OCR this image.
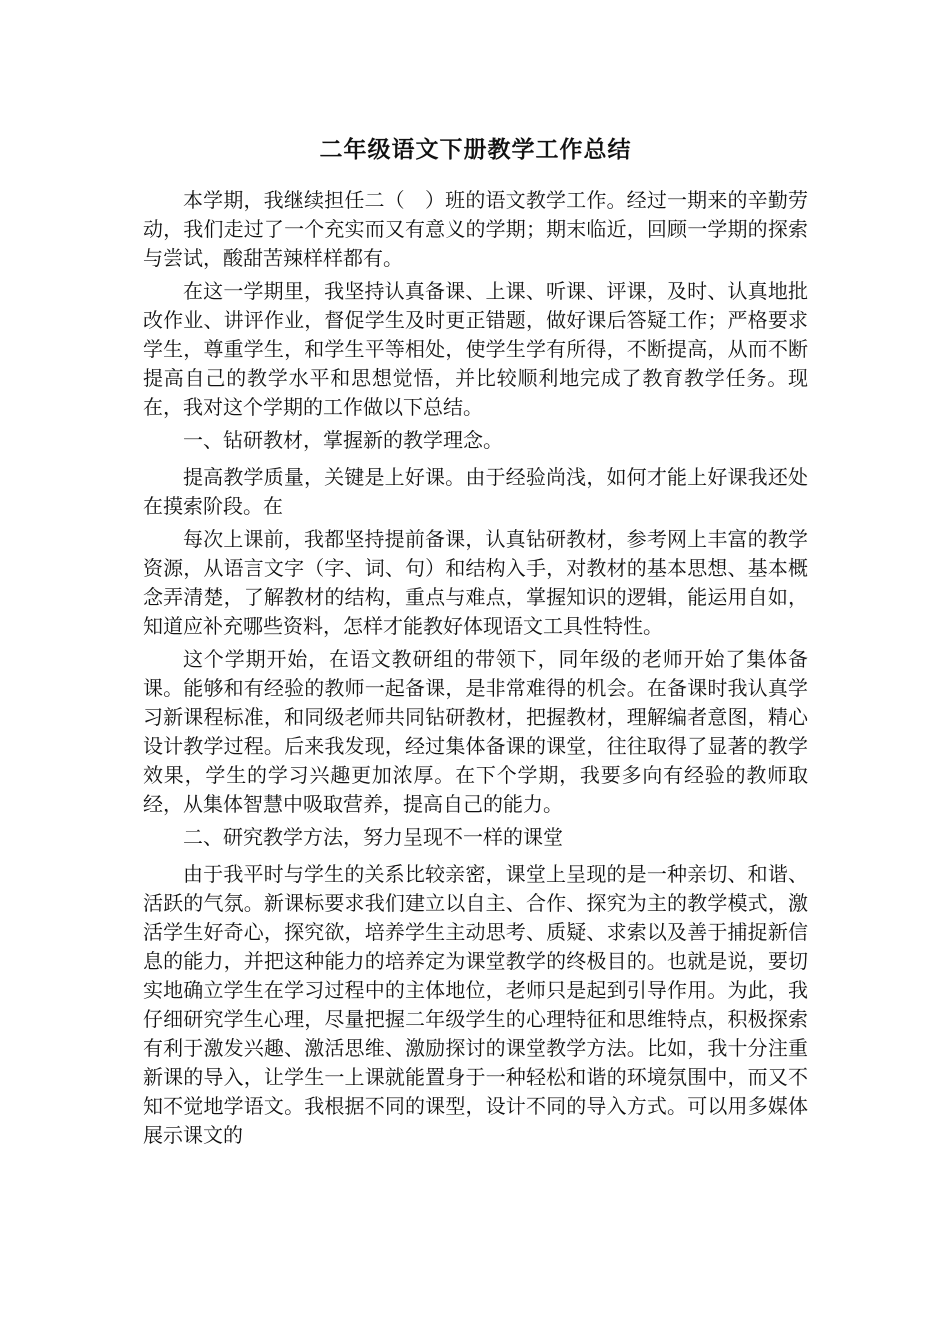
二年级语文下册教学工作总结

本学期，我继续担任二（　）班的语文教学工作。经过一期来的辛勤劳动，我们走过了一个充实而又有意义的学期；期末临近，回顾一学期的探索与尝试，酸甜苦辣样样都有。

在这一学期里，我坚持认真备课、上课、听课、评课，及时、认真地批改作业、讲评作业，督促学生及时更正错题，做好课后答疑工作；严格要求学生，尊重学生，和学生平等相处，使学生学有所得，不断提高，从而不断提高自己的教学水平和思想觉悟，并比较顺利地完成了教育教学任务。现在，我对这个学期的工作做以下总结。

一、钻研教材，掌握新的教学理念。

提高教学质量，关键是上好课。由于经验尚浅，如何才能上好课我还处在摸索阶段。在

每次上课前，我都坚持提前备课，认真钻研教材，参考网上丰富的教学资源，从语言文字（字、词、句）和结构入手，对教材的基本思想、基本概念弄清楚，了解教材的结构，重点与难点，掌握知识的逻辑，能运用自如，知道应补充哪些资料，怎样才能教好体现语文工具性特性。

这个学期开始，在语文教研组的带领下，同年级的老师开始了集体备课。能够和有经验的教师一起备课，是非常难得的机会。在备课时我认真学习新课程标准，和同级老师共同钻研教材，把握教材，理解编者意图，精心设计教学过程。后来我发现，经过集体备课的课堂，往往取得了显著的教学效果，学生的学习兴趣更加浓厚。在下个学期，我要多向有经验的教师取经，从集体智慧中吸取营养，提高自己的能力。

二、研究教学方法，努力呈现不一样的课堂

由于我平时与学生的关系比较亲密，课堂上呈现的是一种亲切、和谐、活跃的气氛。新课标要求我们建立以自主、合作、探究为主的教学模式，激活学生好奇心，探究欲，培养学生主动思考、质疑、求索以及善于捕捉新信息的能力，并把这种能力的培养定为课堂教学的终极目的。也就是说，要切实地确立学生在学习过程中的主体地位，老师只是起到引导作用。为此，我仔细研究学生心理，尽量把握二年级学生的心理特征和思维特点，积极探索有利于激发兴趣、激活思维、激励探讨的课堂教学方法。比如，我十分注重新课的导入，让学生一上课就能置身于一种轻松和谐的环境氛围中，而又不知不觉地学语文。我根据不同的课型，设计不同的导入方式。可以用多媒体展示课文的
